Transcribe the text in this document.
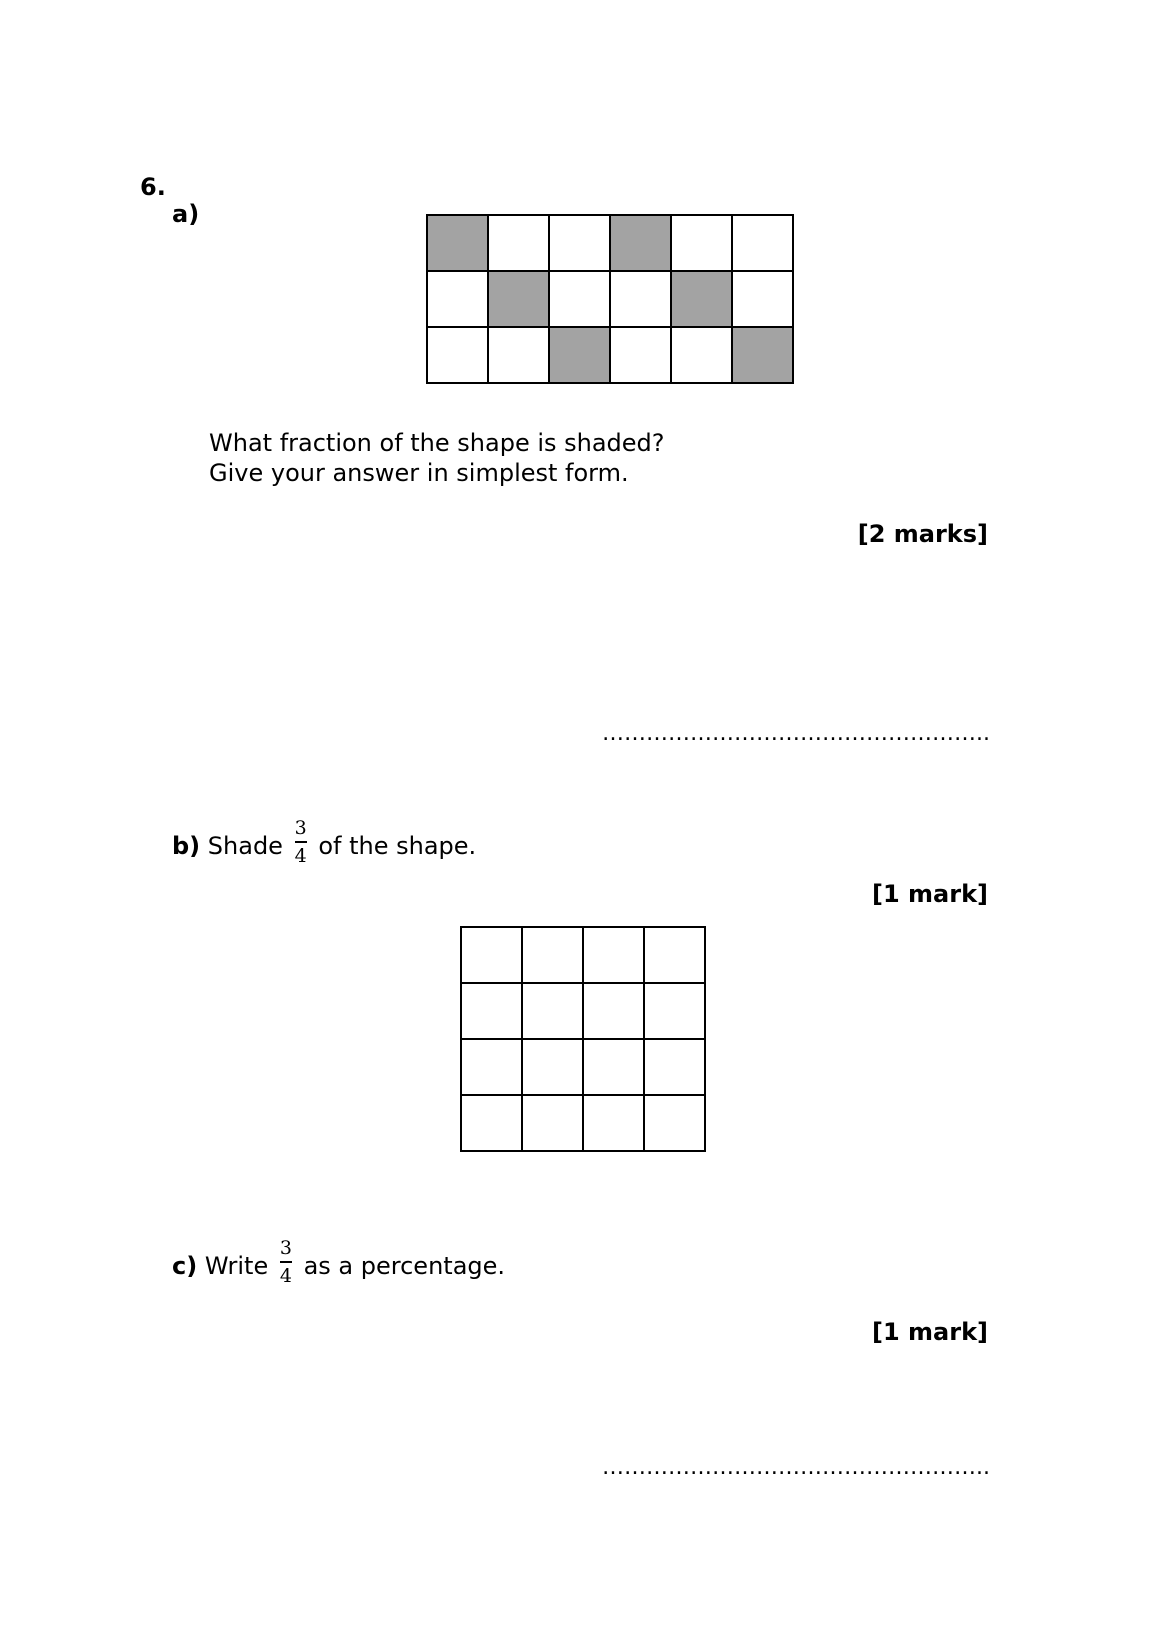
6.
a)

What fraction of the shape is shaded?
Give your answer in simplest form.
[2 marks]
……………………………………………..
b) Shade $\frac{3}{4}$ of the shape.
[1 mark]

c) Write $\frac{3}{4}$ as a percentage.
[1 mark]
……………………………………………..
